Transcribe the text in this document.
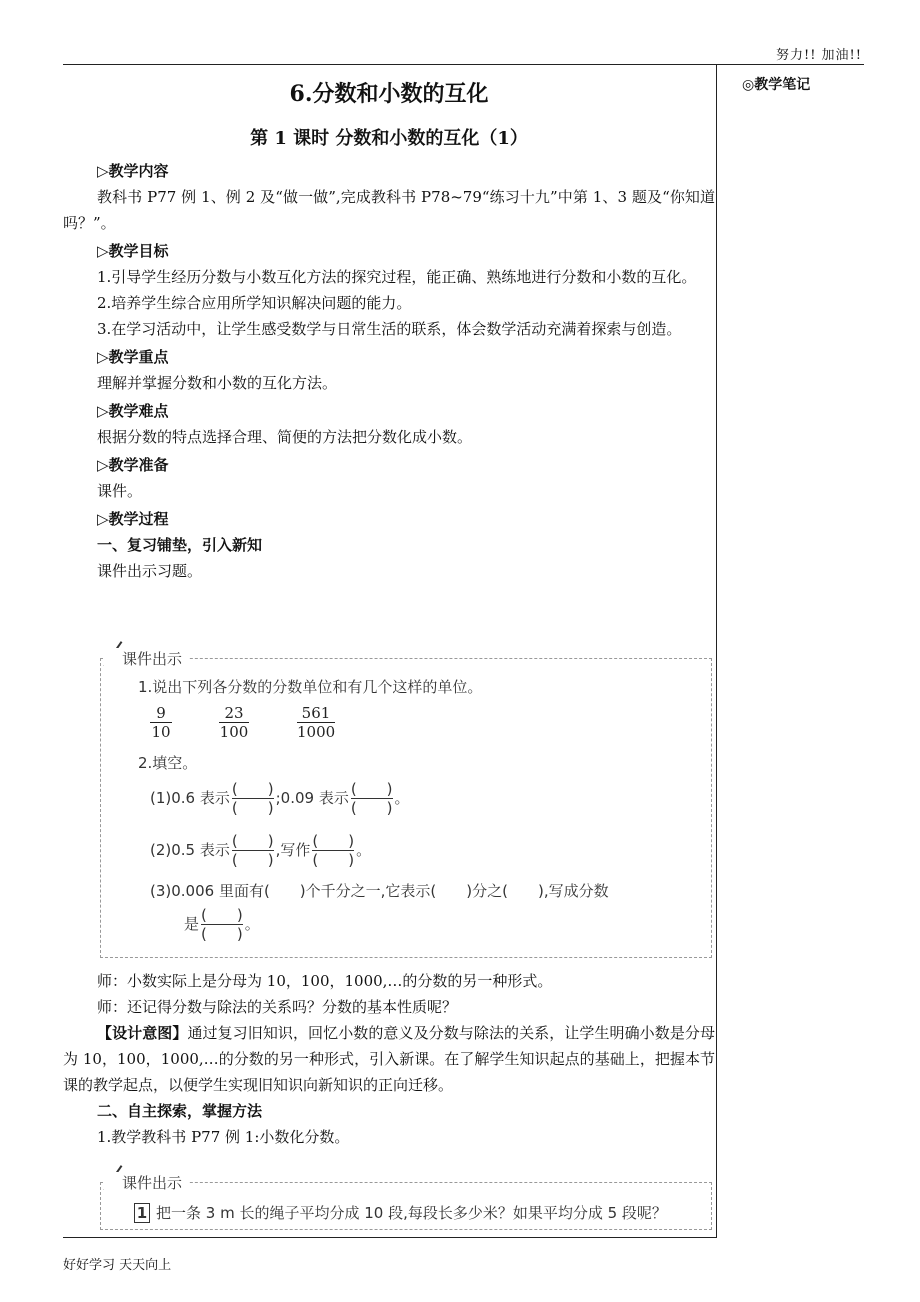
努力!! 加油!!
好好学习 天天向上
◎教学笔记
6.分数和小数的互化
第 1 课时 分数和小数的互化（1）
▷教学内容

教科书 P77 例 1、例 2 及“做一做”,完成教科书 P78~79“练习十九”中第 1、3 题及“你知道吗？”。

▷教学目标

1.引导学生经历分数与小数互化方法的探究过程，能正确、熟练地进行分数和小数的互化。

2.培养学生综合应用所学知识解决问题的能力。

3.在学习活动中，让学生感受数学与日常生活的联系，体会数学活动充满着探索与创造。

▷教学重点

理解并掌握分数和小数的互化方法。

▷教学难点

根据分数的特点选择合理、简便的方法把分数化成小数。

▷教学准备

课件。

▷教学过程

一、复习铺垫，引入新知

课件出示习题。

课件出示
1.说出下列各分数的分数单位和有几个这样的单位。
$\frac{9}{10}$	$\frac{23}{100}$	$\frac{561}{1000}$
2.填空。
(1)0.6 表示 (　　)
(　　)
;0.09 表示 (　　)
(　　)
。
(2)0.5 表示 (　　)
(　　)
,写作 (　　)
(　　)
。
(3)0.006 里面有(　　)个千分之一,它表示(　　)分之(　　),写成分数
是 (　　)
(　　)
。

师：小数实际上是分母为 10，100，1000,…的分数的另一种形式。

师：还记得分数与除法的关系吗？分数的基本性质呢？

【设计意图】通过复习旧知识，回忆小数的意义及分数与除法的关系，让学生明确小数是分母为 10，100，1000,…的分数的另一种形式，引入新课。在了解学生知识起点的基础上，把握本节课的教学起点，以便学生实现旧知识向新知识的正向迁移。

二、自主探索，掌握方法

1.教学教科书 P77 例 1:小数化分数。

课件出示
1 把一条 3 m 长的绳子平均分成 10 段,每段长多少米？如果平均分成 5 段呢？
